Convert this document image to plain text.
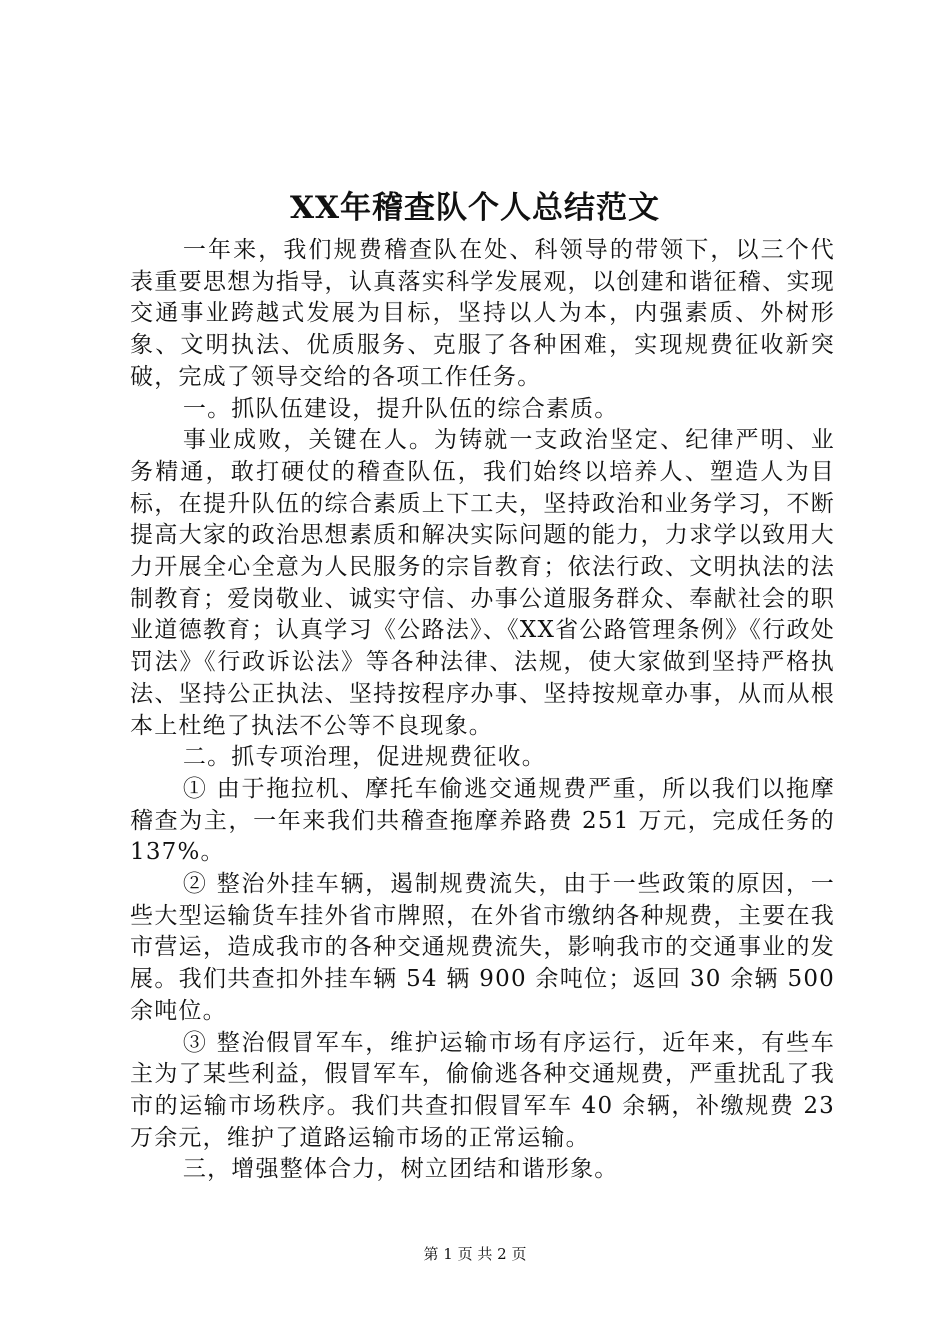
XX年稽查队个人总结范文

一年来，我们规费稽查队在处、科领导的带领下，以三个代表重要思想为指导，认真落实科学发展观，以创建和谐征稽、实现交通事业跨越式发展为目标，坚持以人为本，内强素质、外树形象、文明执法、优质服务、克服了各种困难，实现规费征收新突破，完成了领导交给的各项工作任务。

一。抓队伍建设，提升队伍的综合素质。

事业成败，关键在人。为铸就一支政治坚定、纪律严明、业务精通，敢打硬仗的稽查队伍，我们始终以培养人、塑造人为目标，在提升队伍的综合素质上下工夫，坚持政治和业务学习，不断提高大家的政治思想素质和解决实际问题的能力，力求学以致用大力开展全心全意为人民服务的宗旨教育；依法行政、文明执法的法制教育；爱岗敬业、诚实守信、办事公道服务群众、奉献社会的职业道德教育；认真学习《公路法》、《XX省公路管理条例》《行政处罚法》《行政诉讼法》等各种法律、法规，使大家做到坚持严格执法、坚持公正执法、坚持按程序办事、坚持按规章办事，从而从根本上杜绝了执法不公等不良现象。

二。抓专项治理，促进规费征收。

① 由于拖拉机、摩托车偷逃交通规费严重，所以我们以拖摩稽查为主，一年来我们共稽查拖摩养路费 251 万元，完成任务的 137%。

② 整治外挂车辆，遏制规费流失，由于一些政策的原因，一些大型运输货车挂外省市牌照，在外省市缴纳各种规费，主要在我市营运，造成我市的各种交通规费流失，影响我市的交通事业的发展。我们共查扣外挂车辆 54 辆 900 余吨位；返回 30 余辆 500 余吨位。

③ 整治假冒军车，维护运输市场有序运行，近年来，有些车主为了某些利益，假冒军车，偷偷逃各种交通规费，严重扰乱了我市的运输市场秩序。我们共查扣假冒军车 40 余辆，补缴规费 23 万余元，维护了道路运输市场的正常运输。

三，增强整体合力，树立团结和谐形象。

第 1 页 共 2 页
